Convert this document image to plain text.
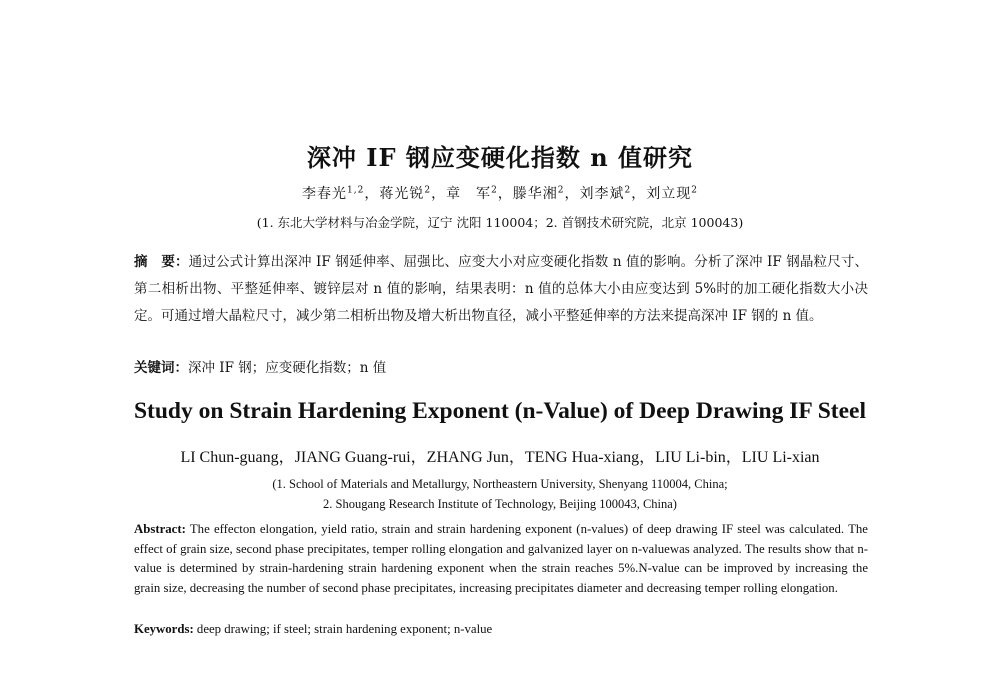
深冲 IF 钢应变硬化指数 n 值研究
李春光$^{1,2}$，蒋光锐$^2$，章　军$^2$，滕华湘$^2$，刘李斌$^2$，刘立现$^2$
(1. 东北大学材料与冶金学院，辽宁 沈阳 110004；2. 首钢技术研究院，北京 100043)

摘　要：通过公式计算出深冲 IF 钢延伸率、屈强比、应变大小对应变硬化指数 n 值的影响。分析了深冲 IF 钢晶粒尺寸、第二相析出物、平整延伸率、镀锌层对 n 值的影响，结果表明：n 值的总体大小由应变达到 5%时的加工硬化指数大小决定。可通过增大晶粒尺寸，减少第二相析出物及增大析出物直径，减小平整延伸率的方法来提高深冲 IF 钢的 n 值。

关键词：深冲 IF 钢；应变硬化指数；n 值

Study on Strain Hardening Exponent (n-Value) of Deep Drawing IF Steel
LI Chun-guang，JIANG Guang-rui，ZHANG Jun，TENG Hua-xiang，LIU Li-bin，LIU Li-xian
(1. School of Materials and Metallurgy, Northeastern University, Shenyang 110004, China;
2. Shougang Research Institute of Technology, Beijing 100043, China)

Abstract: The effecton elongation, yield ratio, strain and strain hardening exponent (n-values) of deep drawing IF steel was calculated. The effect of grain size, second phase precipitates, temper rolling elongation and galvanized layer on n-valuewas analyzed. The results show that n-value is determined by strain-hardening strain hardening exponent when the strain reaches 5%.N-value can be improved by increasing the grain size, decreasing the number of second phase precipitates, increasing precipitates diameter and decreasing temper rolling elongation.

Keywords: deep drawing; if steel; strain hardening exponent; n-value
